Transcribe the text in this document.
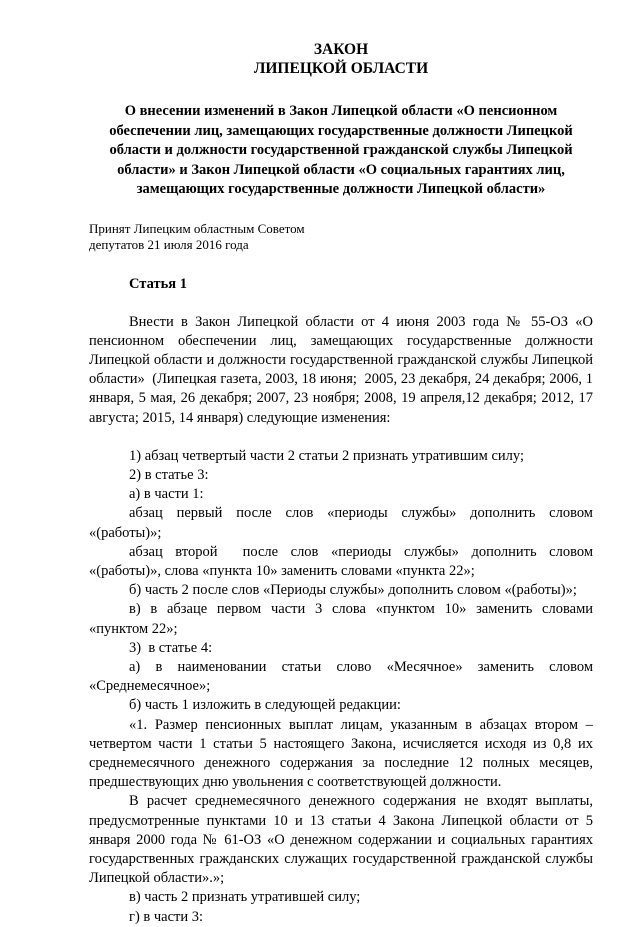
ЗАКОН

ЛИПЕЦКОЙ ОБЛАСТИ

О внесении изменений в Закон Липецкой области «О пенсионном обеспечении лиц, замещающих государственные должности Липецкой области и должности государственной гражданской службы Липецкой области» и Закон Липецкой области «О социальных гарантиях лиц, замещающих государственные должности Липецкой области»

Принят Липецким областным Советом
депутатов 21 июля 2016 года

Статья 1

Внести в Закон Липецкой области от 4 июня 2003 года № 55-ОЗ «О пенсионном обеспечении лиц, замещающих государственные должности Липецкой области и должности государственной гражданской службы Липецкой области»  (Липецкая газета, 2003, 18 июня;  2005, 23 декабря, 24 декабря; 2006, 1 января, 5 мая, 26 декабря; 2007, 23 ноября; 2008, 19 апреля,12 декабря; 2012, 17 августа; 2015, 14 января) следующие изменения:

1) абзац четвертый части 2 статьи 2 признать утратившим силу;

2) в статье 3:

а) в части 1:

абзац первый после слов «периоды службы» дополнить словом «(работы)»;

абзац второй  после слов «периоды службы» дополнить словом «(работы)», слова «пункта 10» заменить словами «пункта 22»;

б) часть 2 после слов «Периоды службы» дополнить словом «(работы)»;

в) в абзаце первом части 3 слова «пунктом 10» заменить словами «пунктом 22»;

3)  в статье 4:

а) в наименовании статьи слово «Месячное» заменить словом «Среднемесячное»;

б) часть 1 изложить в следующей редакции:

«1. Размер пенсионных выплат лицам, указанным в абзацах втором – четвертом части 1 статьи 5 настоящего Закона, исчисляется исходя из 0,8 их среднемесячного денежного содержания за последние 12 полных месяцев, предшествующих дню увольнения с соответствующей должности.

В расчет среднемесячного денежного содержания не входят выплаты, предусмотренные пунктами 10 и 13 статьи 4 Закона Липецкой области от 5 января 2000 года № 61-ОЗ «О денежном содержании и социальных гарантиях государственных гражданских служащих государственной гражданской службы Липецкой области».»;

в) часть 2 признать утратившей силу;

г) в части 3:
